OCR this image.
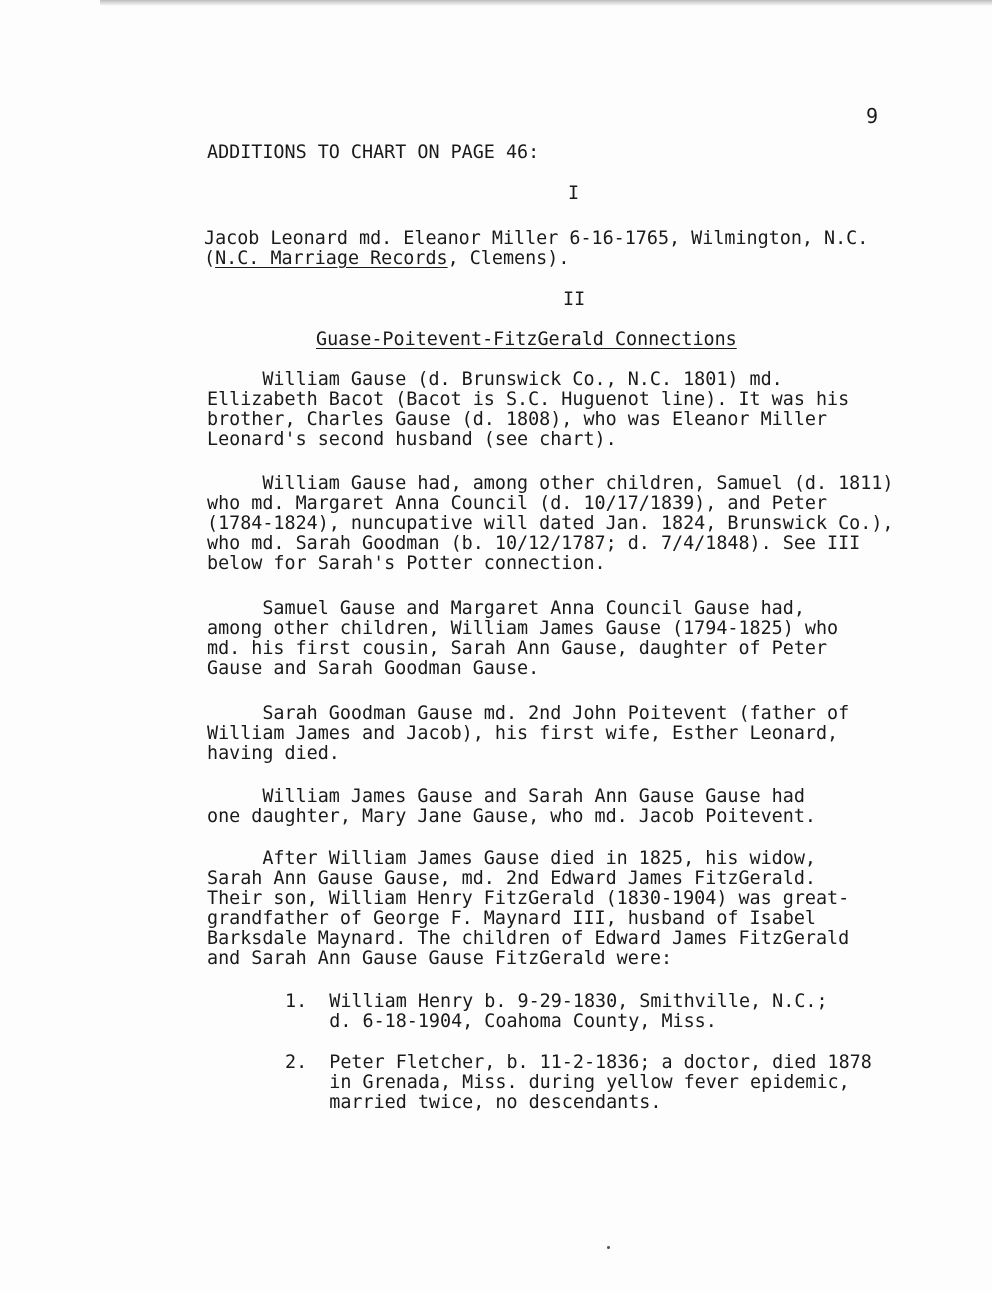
9
ADDITIONS TO CHART ON PAGE 46:
I
Jacob Leonard md. Eleanor Miller 6-16-1765, Wilmington, N.C.
(N.C. Marriage Records, Clemens).
II
Guase-Poitevent-FitzGerald Connections
William Gause (d. Brunswick Co., N.C. 1801) md.
Ellizabeth Bacot (Bacot is S.C. Huguenot line). It was his
brother, Charles Gause (d. 1808), who was Eleanor Miller
Leonard's second husband (see chart).
William Gause had, among other children, Samuel (d. 1811)
who md. Margaret Anna Council (d. 10/17/1839), and Peter
(1784-1824), nuncupative will dated Jan. 1824, Brunswick Co.),
who md. Sarah Goodman (b. 10/12/1787; d. 7/4/1848). See III
below for Sarah's Potter connection.
Samuel Gause and Margaret Anna Council Gause had,
among other children, William James Gause (1794-1825) who
md. his first cousin, Sarah Ann Gause, daughter of Peter
Gause and Sarah Goodman Gause.
Sarah Goodman Gause md. 2nd John Poitevent (father of
William James and Jacob), his first wife, Esther Leonard,
having died.
William James Gause and Sarah Ann Gause Gause had
one daughter, Mary Jane Gause, who md. Jacob Poitevent.
After William James Gause died in 1825, his widow,
Sarah Ann Gause Gause, md. 2nd Edward James FitzGerald.
Their son, William Henry FitzGerald (1830-1904) was great-
grandfather of George F. Maynard III, husband of Isabel
Barksdale Maynard. The children of Edward James FitzGerald
and Sarah Ann Gause Gause FitzGerald were:
1.  William Henry b. 9-29-1830, Smithville, N.C.;
d. 6-18-1904, Coahoma County, Miss.
2.  Peter Fletcher, b. 11-2-1836; a doctor, died 1878
in Grenada, Miss. during yellow fever epidemic,
married twice, no descendants.
